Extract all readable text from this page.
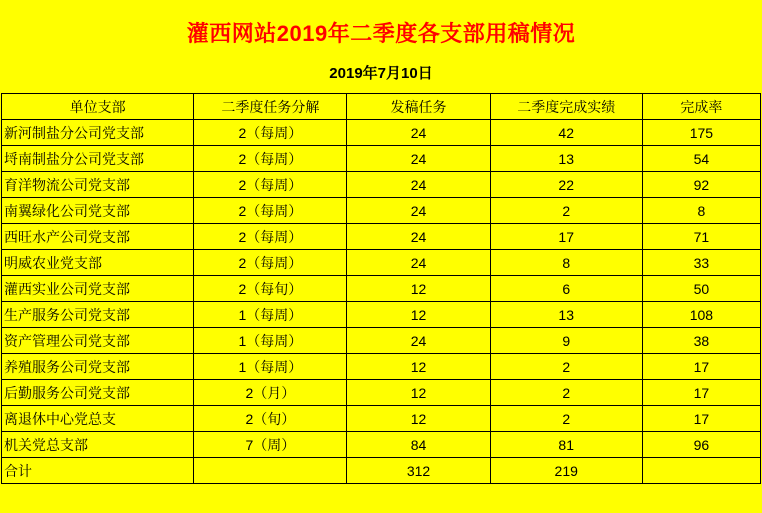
灌西网站2019年二季度各支部用稿情况
2019年7月10日
单位支部	二季度任务分解	发稿任务	二季度完成实绩	完成率
新河制盐分公司党支部	2（每周）	24	42	175
埒南制盐分公司党支部	2（每周）	24	13	54
育洋物流公司党支部	2（每周）	24	22	92
南翼绿化公司党支部	2（每周）	24	2	8
西旺水产公司党支部	2（每周）	24	17	71
明威农业党支部	2（每周）	24	8	33
灌西实业公司党支部	2（每旬）	12	6	50
生产服务公司党支部	1（每周）	12	13	108
资产管理公司党支部	1（每周）	24	9	38
养殖服务公司党支部	1（每周）	12	2	17
后勤服务公司党支部	2（月）	12	2	17
离退休中心党总支	2（旬）	12	2	17
机关党总支部	7（周）	84	81	96
合计		312	219	
